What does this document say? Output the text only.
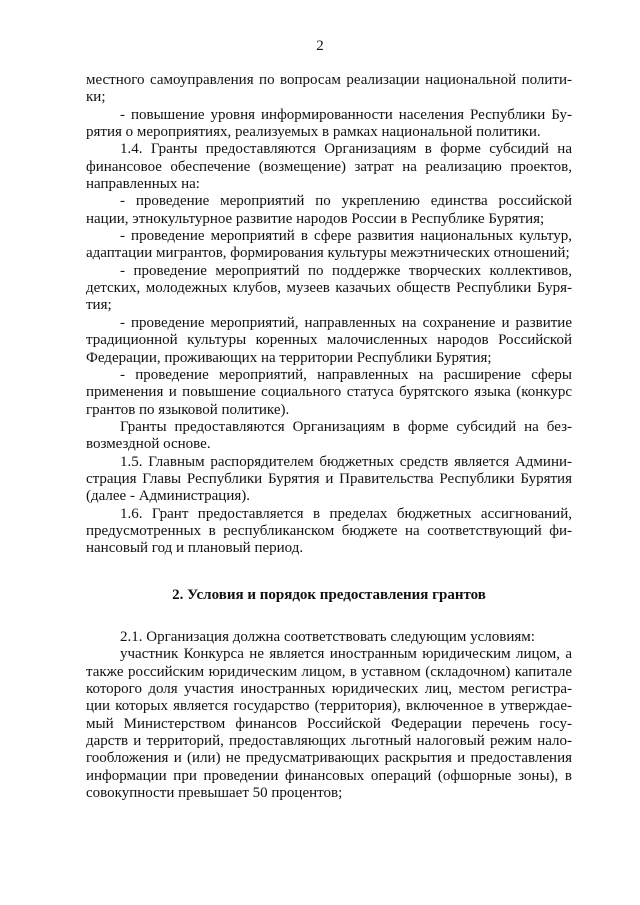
2

местного самоуправления по вопросам реализации национальной полити-ки;

- повышение уровня информированности населения Республики Бу-рятия о мероприятиях, реализуемых в рамках национальной политики.

1.4. Гранты предоставляются Организациям в форме субсидий на финансовое обеспечение (возмещение) затрат на реализацию проектов, направленных на:

- проведение мероприятий по укреплению единства российской нации, этнокультурное развитие народов России в Республике Бурятия;

- проведение мероприятий в сфере развития национальных культур, адаптации мигрантов, формирования культуры межэтнических отношений;

- проведение мероприятий по поддержке творческих коллективов, детских, молодежных клубов, музеев казачьих обществ Республики Буря-тия;

- проведение мероприятий, направленных на сохранение и развитие традиционной культуры коренных малочисленных народов Российской Федерации, проживающих на территории Республики Бурятия;

- проведение мероприятий, направленных на расширение сферы применения и повышение социального статуса бурятского языка (конкурс грантов по языковой политике).

Гранты предоставляются Организациям в форме субсидий на без-возмездной основе.

1.5. Главным распорядителем бюджетных средств является Админи-страция Главы Республики Бурятия и Правительства Республики Бурятия (далее - Администрация).

1.6. Грант предоставляется в пределах бюджетных ассигнований, предусмотренных в республиканском бюджете на соответствующий фи-нансовый год и плановый период.

2. Условия и порядок предоставления грантов

2.1. Организация должна соответствовать следующим условиям:

участник Конкурса не является иностранным юридическим лицом, а также российским юридическим лицом, в уставном (складочном) капитале которого доля участия иностранных юридических лиц, местом регистра-ции которых является государство (территория), включенное в утверждае-мый Министерством финансов Российской Федерации перечень госу-дарств и территорий, предоставляющих льготный налоговый режим нало-гообложения и (или) не предусматривающих раскрытия и предоставления информации при проведении финансовых операций (офшорные зоны), в совокупности превышает 50 процентов;
